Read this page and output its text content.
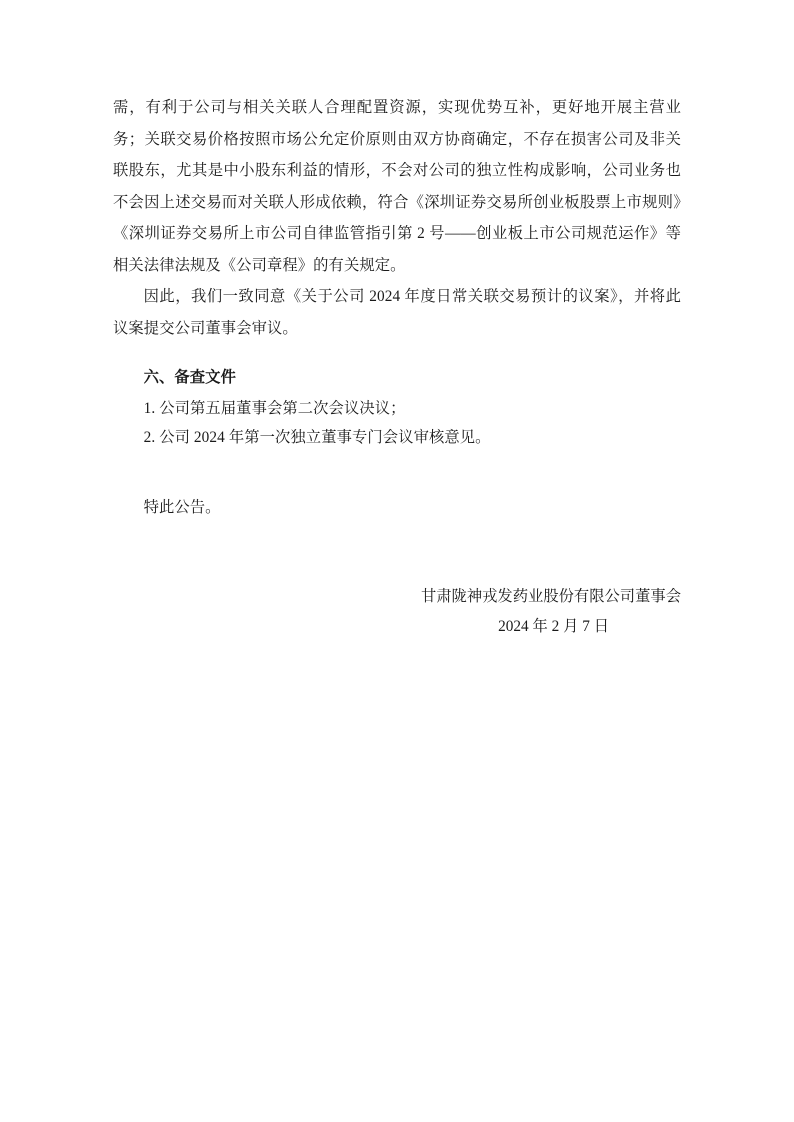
需，有利于公司与相关关联人合理配置资源，实现优势互补，更好地开展主营业务；关联交易价格按照市场公允定价原则由双方协商确定，不存在损害公司及非关联股东，尤其是中小股东利益的情形，不会对公司的独立性构成影响，公司业务也不会因上述交易而对关联人形成依赖，符合《深圳证券交易所创业板股票上市规则》《深圳证券交易所上市公司自律监管指引第 2 号——创业板上市公司规范运作》等相关法律法规及《公司章程》的有关规定。

因此，我们一致同意《关于公司 2024 年度日常关联交易预计的议案》，并将此议案提交公司董事会审议。

六、备查文件

1. 公司第五届董事会第二次会议决议；

2. 公司 2024 年第一次独立董事专门会议审核意见。

特此公告。

甘肃陇神戎发药业股份有限公司董事会
2024 年 2 月 7 日
